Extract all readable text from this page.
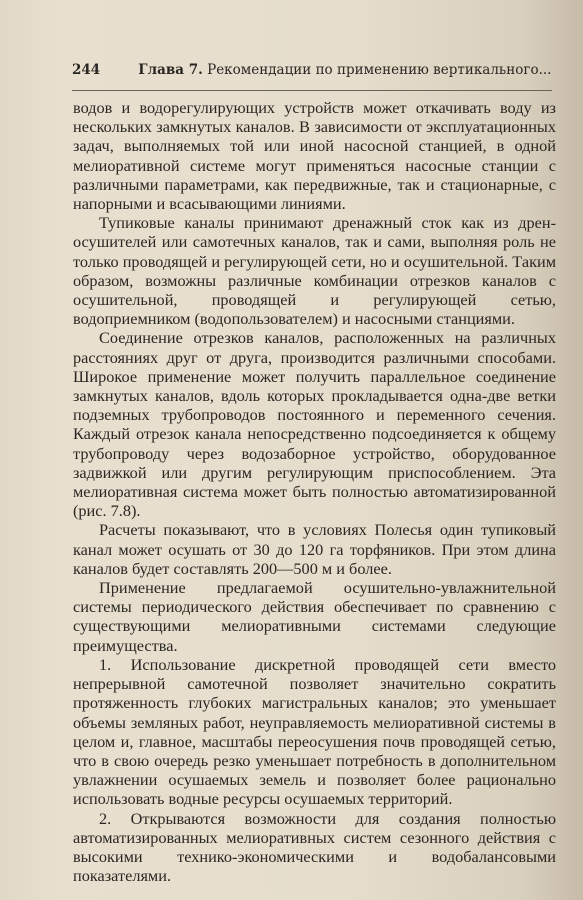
244	Глава 7. Рекомендации по применению вертикального...

водов и водорегулирующих устройств может откачивать воду из нескольких замкнутых каналов. В зависимости от эксплуатационных задач, выполняемых той или иной насосной станцией, в одной мелиоративной системе могут применяться насосные станции с различными параметрами, как передвижные, так и стационарные, с напорными и всасывающими линиями.

Тупиковые каналы принимают дренажный сток как из дрен-осушителей или самотечных каналов, так и сами, выполняя роль не только проводящей и регулирующей сети, но и осушительной. Таким образом, возможны различные комбинации отрезков каналов с осушительной, проводящей и регулирующей сетью, водоприемником (водопользователем) и насосными станциями.

Соединение отрезков каналов, расположенных на различных расстояниях друг от друга, производится различными способами. Широкое применение может получить параллельное соединение замкнутых каналов, вдоль которых прокладывается одна-две ветки подземных трубопроводов постоянного и переменного сечения. Каждый отрезок канала непосредственно подсоединяется к общему трубопроводу через водозаборное устройство, оборудованное задвижкой или другим регулирующим приспособлением. Эта мелиоративная система может быть полностью автоматизированной (рис. 7.8).

Расчеты показывают, что в условиях Полесья один тупиковый канал может осушать от 30 до 120 га торфяников. При этом длина каналов будет составлять 200—500 м и более.

Применение предлагаемой осушительно-увлажнительной системы периодического действия обеспечивает по сравнению с существующими мелиоративными системами следующие преимущества.

1. Использование дискретной проводящей сети вместо непрерывной самотечной позволяет значительно сократить протяженность глубоких магистральных каналов; это уменьшает объемы земляных работ, неуправляемость мелиоративной системы в целом и, главное, масштабы переосушения почв проводящей сетью, что в свою очередь резко уменьшает потребность в дополнительном увлажнении осушаемых земель и позволяет более рационально использовать водные ресурсы осушаемых территорий.

2. Открываются возможности для создания полностью автоматизированных мелиоративных систем сезонного действия с высокими технико-экономическими и водобалансовыми показателями.
